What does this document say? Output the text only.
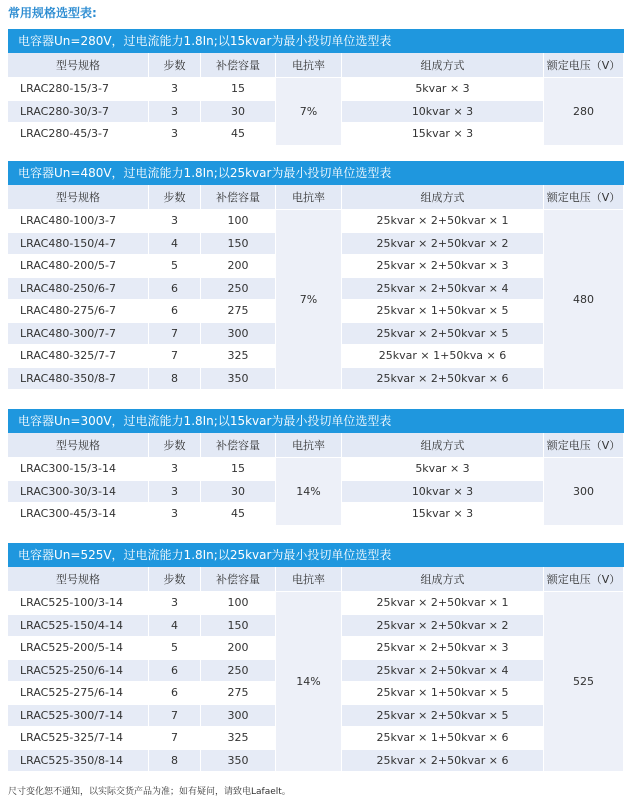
常用规格选型表:
电容器Un=280V，过电流能力1.8In;以15kvar为最小投切单位选型表
型号规格	步数	补偿容量	电抗率	组成方式	额定电压（V）
LRAC280-15/3-7	3	15	7%	5kvar × 3	280
LRAC280-30/3-7	3	30		10kvar × 3	
LRAC280-45/3-7	3	45		15kvar × 3	
电容器Un=480V，过电流能力1.8In;以25kvar为最小投切单位选型表
型号规格	步数	补偿容量	电抗率	组成方式	额定电压（V）
LRAC480-100/3-7	3	100	7%	25kvar × 2+50kvar × 1	480
LRAC480-150/4-7	4	150		25kvar × 2+50kvar × 2	
LRAC480-200/5-7	5	200		25kvar × 2+50kvar × 3	
LRAC480-250/6-7	6	250		25kvar × 2+50kvar × 4	
LRAC480-275/6-7	6	275		25kvar × 1+50kvar × 5	
LRAC480-300/7-7	7	300		25kvar × 2+50kvar × 5	
LRAC480-325/7-7	7	325		25kvar × 1+50kva × 6	
LRAC480-350/8-7	8	350		25kvar × 2+50kvar × 6	
电容器Un=300V，过电流能力1.8In;以15kvar为最小投切单位选型表
型号规格	步数	补偿容量	电抗率	组成方式	额定电压（V）
LRAC300-15/3-14	3	15	14%	5kvar × 3	300
LRAC300-30/3-14	3	30		10kvar × 3	
LRAC300-45/3-14	3	45		15kvar × 3	
电容器Un=525V，过电流能力1.8In;以25kvar为最小投切单位选型表
型号规格	步数	补偿容量	电抗率	组成方式	额定电压（V）
LRAC525-100/3-14	3	100	14%	25kvar × 2+50kvar × 1	525
LRAC525-150/4-14	4	150		25kvar × 2+50kvar × 2	
LRAC525-200/5-14	5	200		25kvar × 2+50kvar × 3	
LRAC525-250/6-14	6	250		25kvar × 2+50kvar × 4	
LRAC525-275/6-14	6	275		25kvar × 1+50kvar × 5	
LRAC525-300/7-14	7	300		25kvar × 2+50kvar × 5	
LRAC525-325/7-14	7	325		25kvar × 1+50kvar × 6	
LRAC525-350/8-14	8	350		25kvar × 2+50kvar × 6	
尺寸变化恕不通知，以实际交货产品为准；如有疑问，请致电Lafaelt。
